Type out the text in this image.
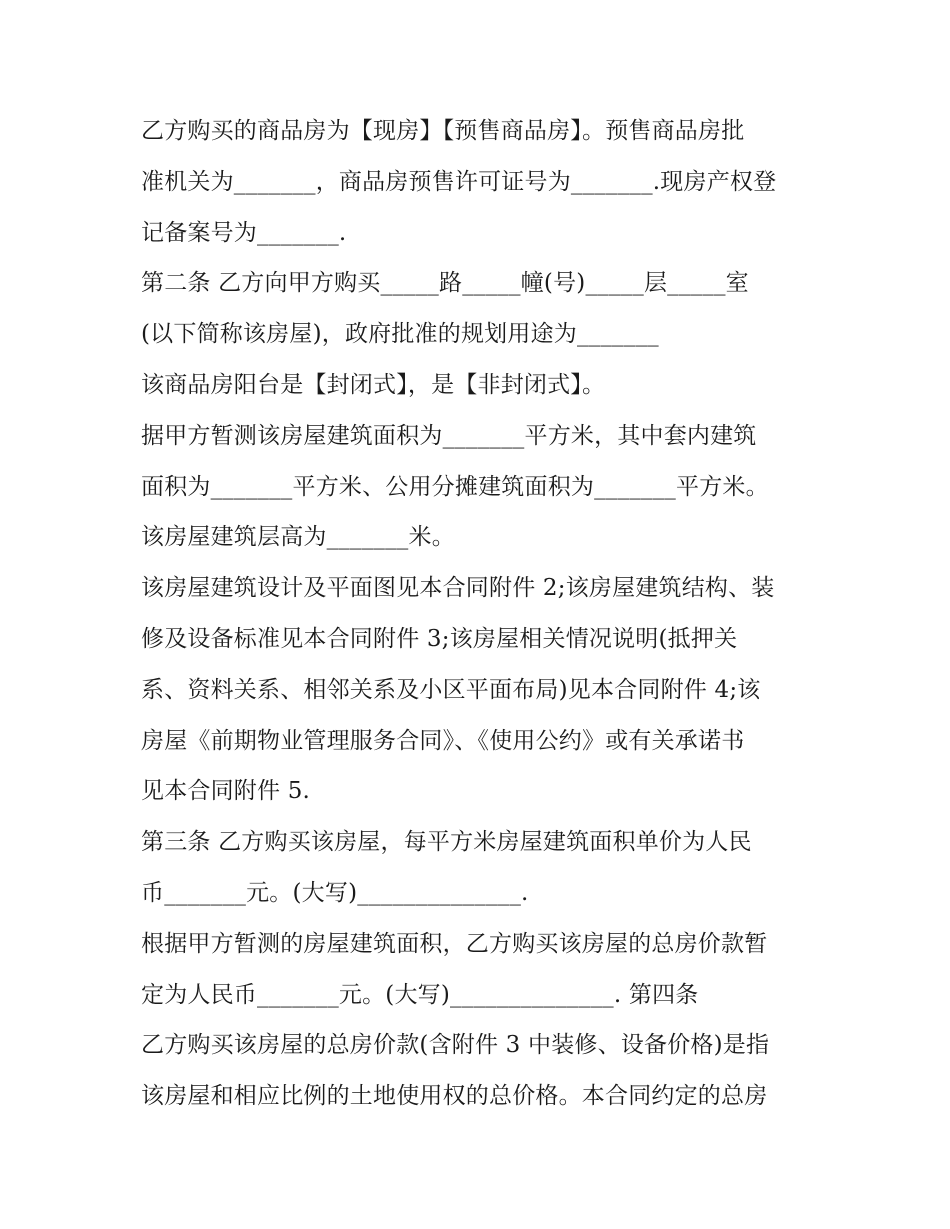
乙方购买的商品房为【现房】【预售商品房】。预售商品房批
准机关为_______，商品房预售许可证号为_______.现房产权登
记备案号为_______.
第二条 乙方向甲方购买_____路_____幢(号)_____层_____室
(以下简称该房屋)，政府批准的规划用途为_______
该商品房阳台是【封闭式】，是【非封闭式】。
据甲方暂测该房屋建筑面积为_______平方米，其中套内建筑
面积为_______平方米、公用分摊建筑面积为_______平方米。
该房屋建筑层高为_______米。
该房屋建筑设计及平面图见本合同附件 2;该房屋建筑结构、装
修及设备标准见本合同附件 3;该房屋相关情况说明(抵押关
系、资料关系、相邻关系及小区平面布局)见本合同附件 4;该
房屋《前期物业管理服务合同》、《使用公约》或有关承诺书
见本合同附件 5.
第三条 乙方购买该房屋，每平方米房屋建筑面积单价为人民
币_______元。(大写)______________.
根据甲方暂测的房屋建筑面积，乙方购买该房屋的总房价款暂
定为人民币_______元。(大写)______________. 第四条
乙方购买该房屋的总房价款(含附件 3 中装修、设备价格)是指
该房屋和相应比例的土地使用权的总价格。本合同约定的总房
